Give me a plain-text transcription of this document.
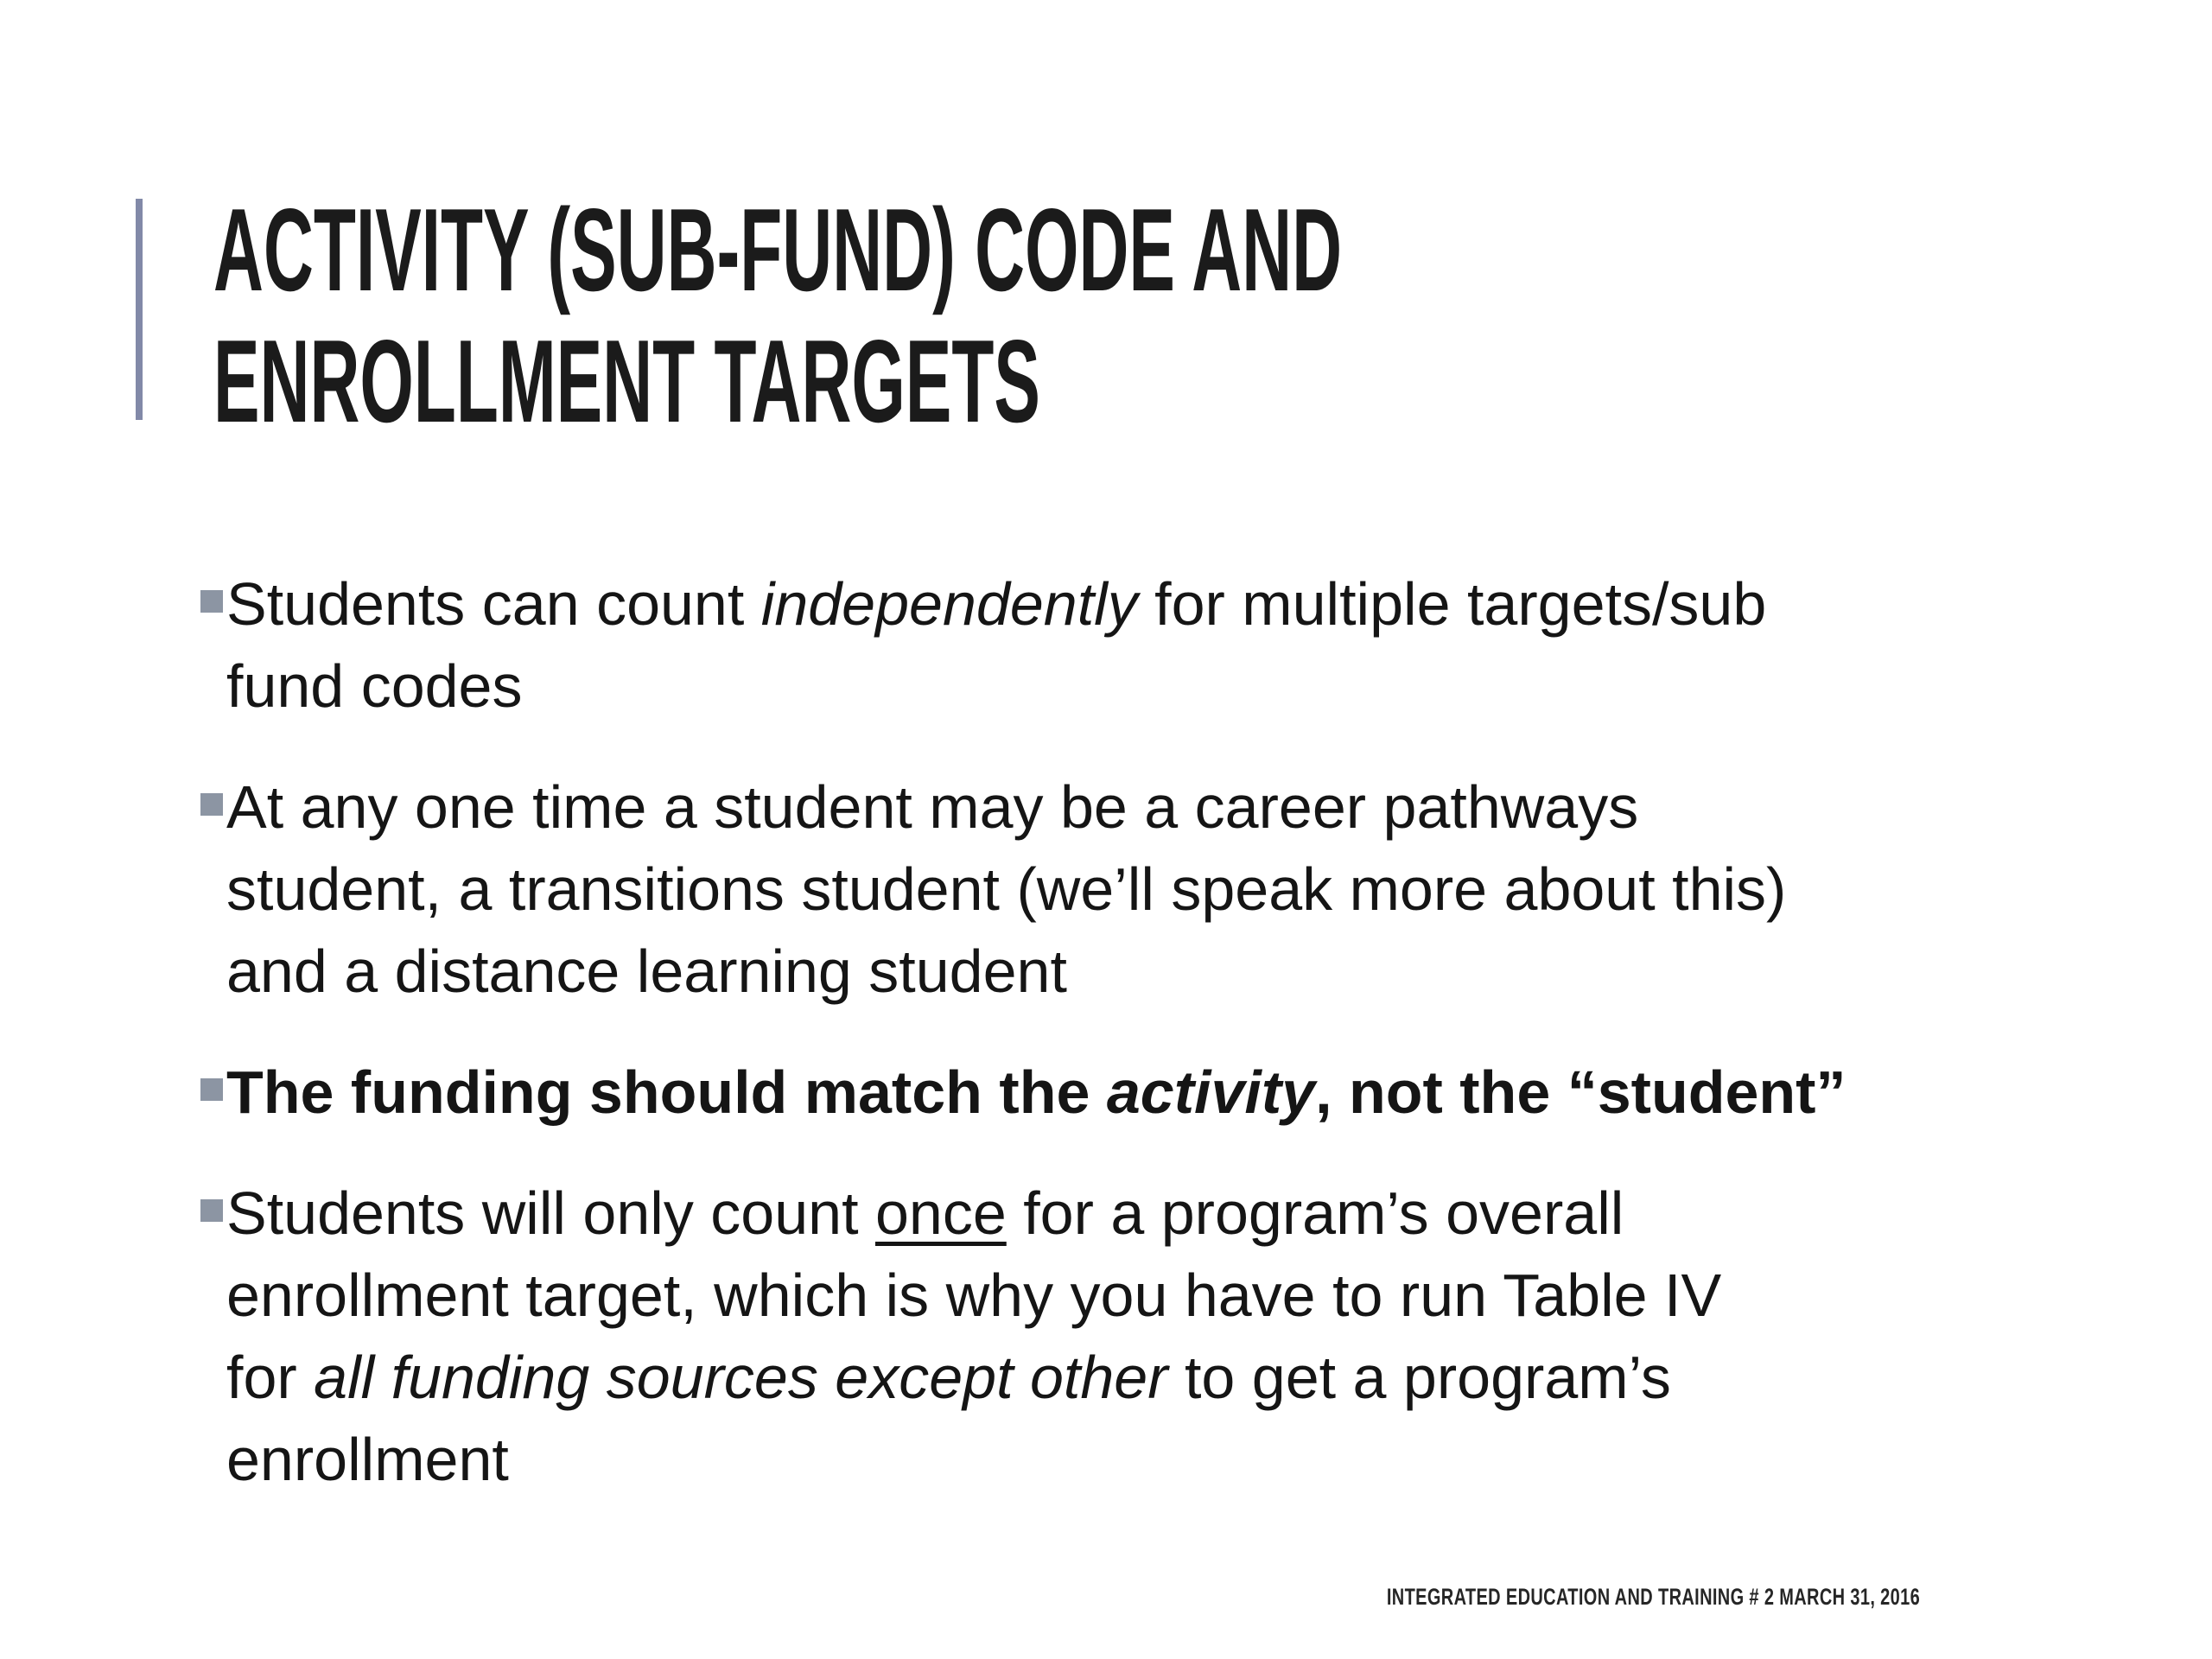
ACTIVITY (SUB-FUND) CODE AND
ENROLLMENT TARGETS
Students can count independently for multiple targets/sub
fund codes
At any one time a student may be a career pathways
student, a transitions student (we’ll speak more about this)
and a distance learning student
The funding should match the activity, not the “student”
Students will only count once for a program’s overall
enrollment target, which is why you have to run Table IV
for all funding sources except other to get a program’s
enrollment
INTEGRATED EDUCATION AND TRAINING # 2 MARCH 31, 2016
